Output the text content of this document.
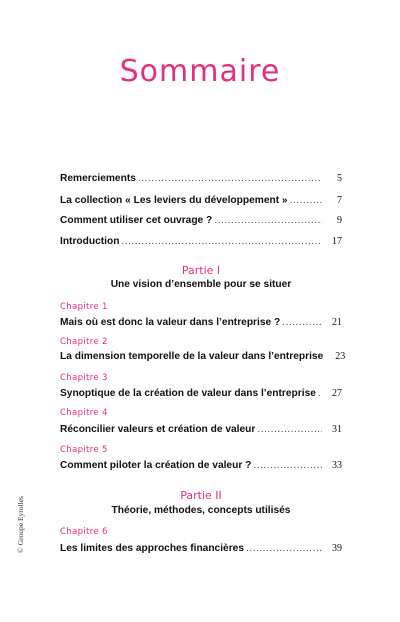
Sommaire
Remerciements .....	5
La collection « Les leviers du développement » .....	7
Comment utiliser cet ouvrage ? .....	9
Introduction .....	17
Partie I
Une vision d’ensemble pour se situer
Chapitre 1
Mais où est donc la valeur dans l’entreprise ? .....	21
Chapitre 2
La dimension temporelle de la valeur dans l’entreprise	23
Chapitre 3
Synoptique de la création de valeur dans l’entreprise .....	27
Chapitre 4
Réconcilier valeurs et création de valeur .....	31
Chapitre 5
Comment piloter la création de valeur ? .....	33
Partie II
Théorie, méthodes, concepts utilisés
Chapitre 6
Les limites des approches financières .....	39
© Groupe Eyrolles
